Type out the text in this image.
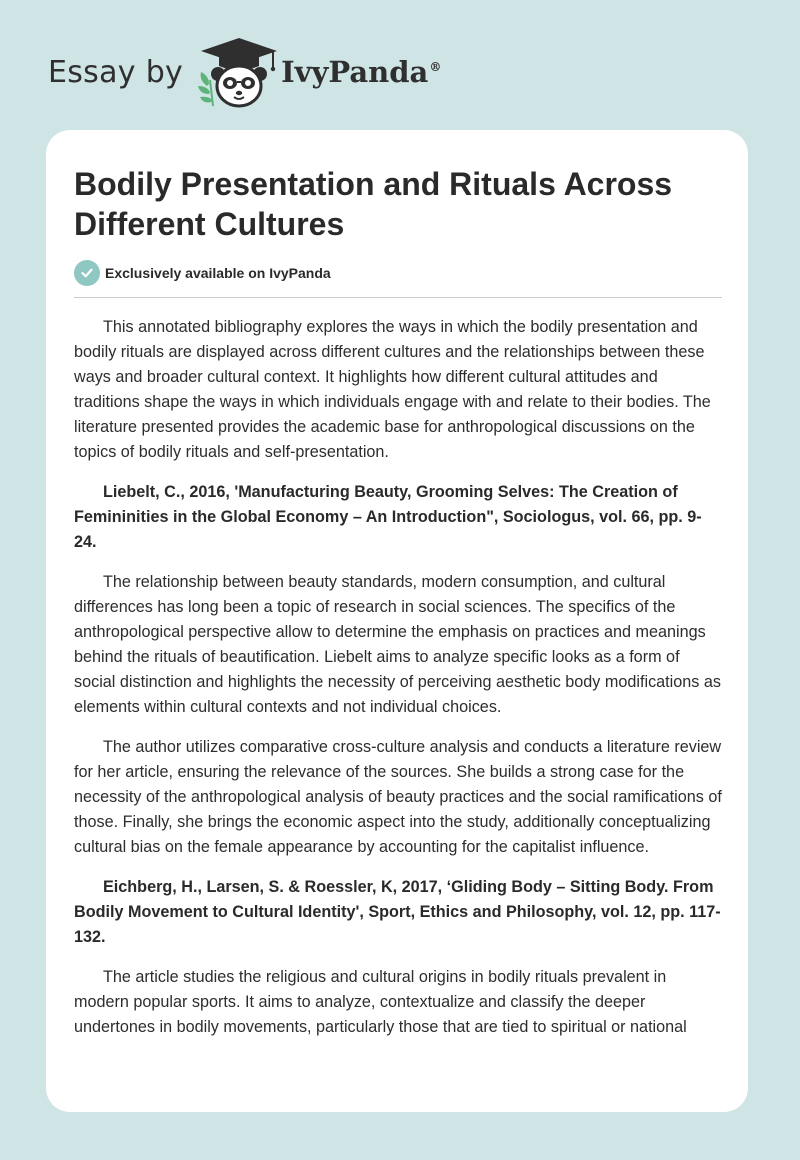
Essay by	IvyPanda®
Bodily Presentation and Rituals Across Different Cultures
Exclusively available on IvyPanda

This annotated bibliography explores the ways in which the bodily presentation and bodily rituals are displayed across different cultures and the relationships between these ways and broader cultural context. It highlights how different cultural attitudes and traditions shape the ways in which individuals engage with and relate to their bodies. The literature presented provides the academic base for anthropological discussions on the topics of bodily rituals and self-presentation.

Liebelt, C., 2016, 'Manufacturing Beauty, Grooming Selves: The Creation of Femininities in the Global Economy – An Introduction", Sociologus, vol. 66, pp. 9-24.

The relationship between beauty standards, modern consumption, and cultural differences has long been a topic of research in social sciences. The specifics of the anthropological perspective allow to determine the emphasis on practices and meanings behind the rituals of beautification. Liebelt aims to analyze specific looks as a form of social distinction and highlights the necessity of perceiving aesthetic body modifications as elements within cultural contexts and not individual choices.

The author utilizes comparative cross-culture analysis and conducts a literature review for her article, ensuring the relevance of the sources. She builds a strong case for the necessity of the anthropological analysis of beauty practices and the social ramifications of those. Finally, she brings the economic aspect into the study, additionally conceptualizing cultural bias on the female appearance by accounting for the capitalist influence.

Eichberg, H., Larsen, S. & Roessler, K, 2017, ‘Gliding Body – Sitting Body. From Bodily Movement to Cultural Identity', Sport, Ethics and Philosophy, vol. 12, pp. 117-132.

The article studies the religious and cultural origins in bodily rituals prevalent in modern popular sports. It aims to analyze, contextualize and classify the deeper undertones in bodily movements, particularly those that are tied to spiritual or national
